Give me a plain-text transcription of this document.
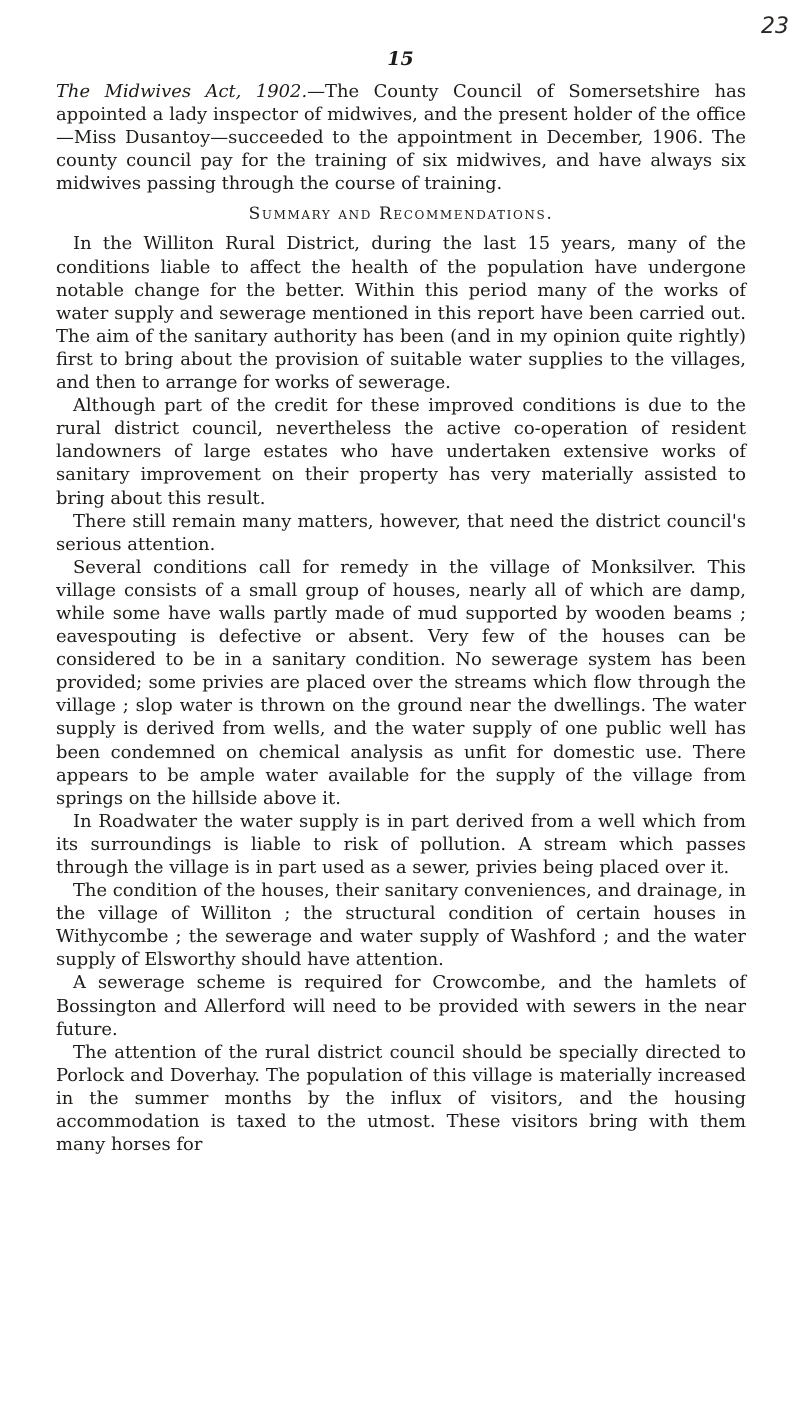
23
15

The Midwives Act, 1902.—The County Council of Somersetshire has appointed a lady inspector of midwives, and the present holder of the office—Miss Dusantoy—succeeded to the appointment in December, 1906. The county council pay for the training of six midwives, and have always six midwives passing through the course of training.

Summary and Recommendations.

In the Williton Rural District, during the last 15 years, many of the conditions liable to affect the health of the population have undergone notable change for the better. Within this period many of the works of water supply and sewerage mentioned in this report have been carried out. The aim of the sanitary authority has been (and in my opinion quite rightly) first to bring about the provision of suitable water supplies to the villages, and then to arrange for works of sewerage.

Although part of the credit for these improved conditions is due to the rural district council, nevertheless the active co-operation of resident landowners of large estates who have undertaken extensive works of sanitary improvement on their property has very materially assisted to bring about this result.

There still remain many matters, however, that need the district council's serious attention.

Several conditions call for remedy in the village of Monksilver. This village consists of a small group of houses, nearly all of which are damp, while some have walls partly made of mud supported by wooden beams ; eavespouting is defective or absent. Very few of the houses can be considered to be in a sanitary condition. No sewerage system has been provided; some privies are placed over the streams which flow through the village ; slop water is thrown on the ground near the dwellings. The water supply is derived from wells, and the water supply of one public well has been condemned on chemical analysis as unfit for domestic use. There appears to be ample water available for the supply of the village from springs on the hillside above it.

In Roadwater the water supply is in part derived from a well which from its surroundings is liable to risk of pollution. A stream which passes through the village is in part used as a sewer, privies being placed over it.

The condition of the houses, their sanitary conveniences, and drainage, in the village of Williton ; the structural condition of certain houses in Withycombe ; the sewerage and water supply of Washford ; and the water supply of Elsworthy should have attention.

A sewerage scheme is required for Crowcombe, and the hamlets of Bossington and Allerford will need to be provided with sewers in the near future.

The attention of the rural district council should be specially directed to Porlock and Doverhay. The population of this village is materially increased in the summer months by the influx of visitors, and the housing accommodation is taxed to the utmost. These visitors bring with them many horses for
